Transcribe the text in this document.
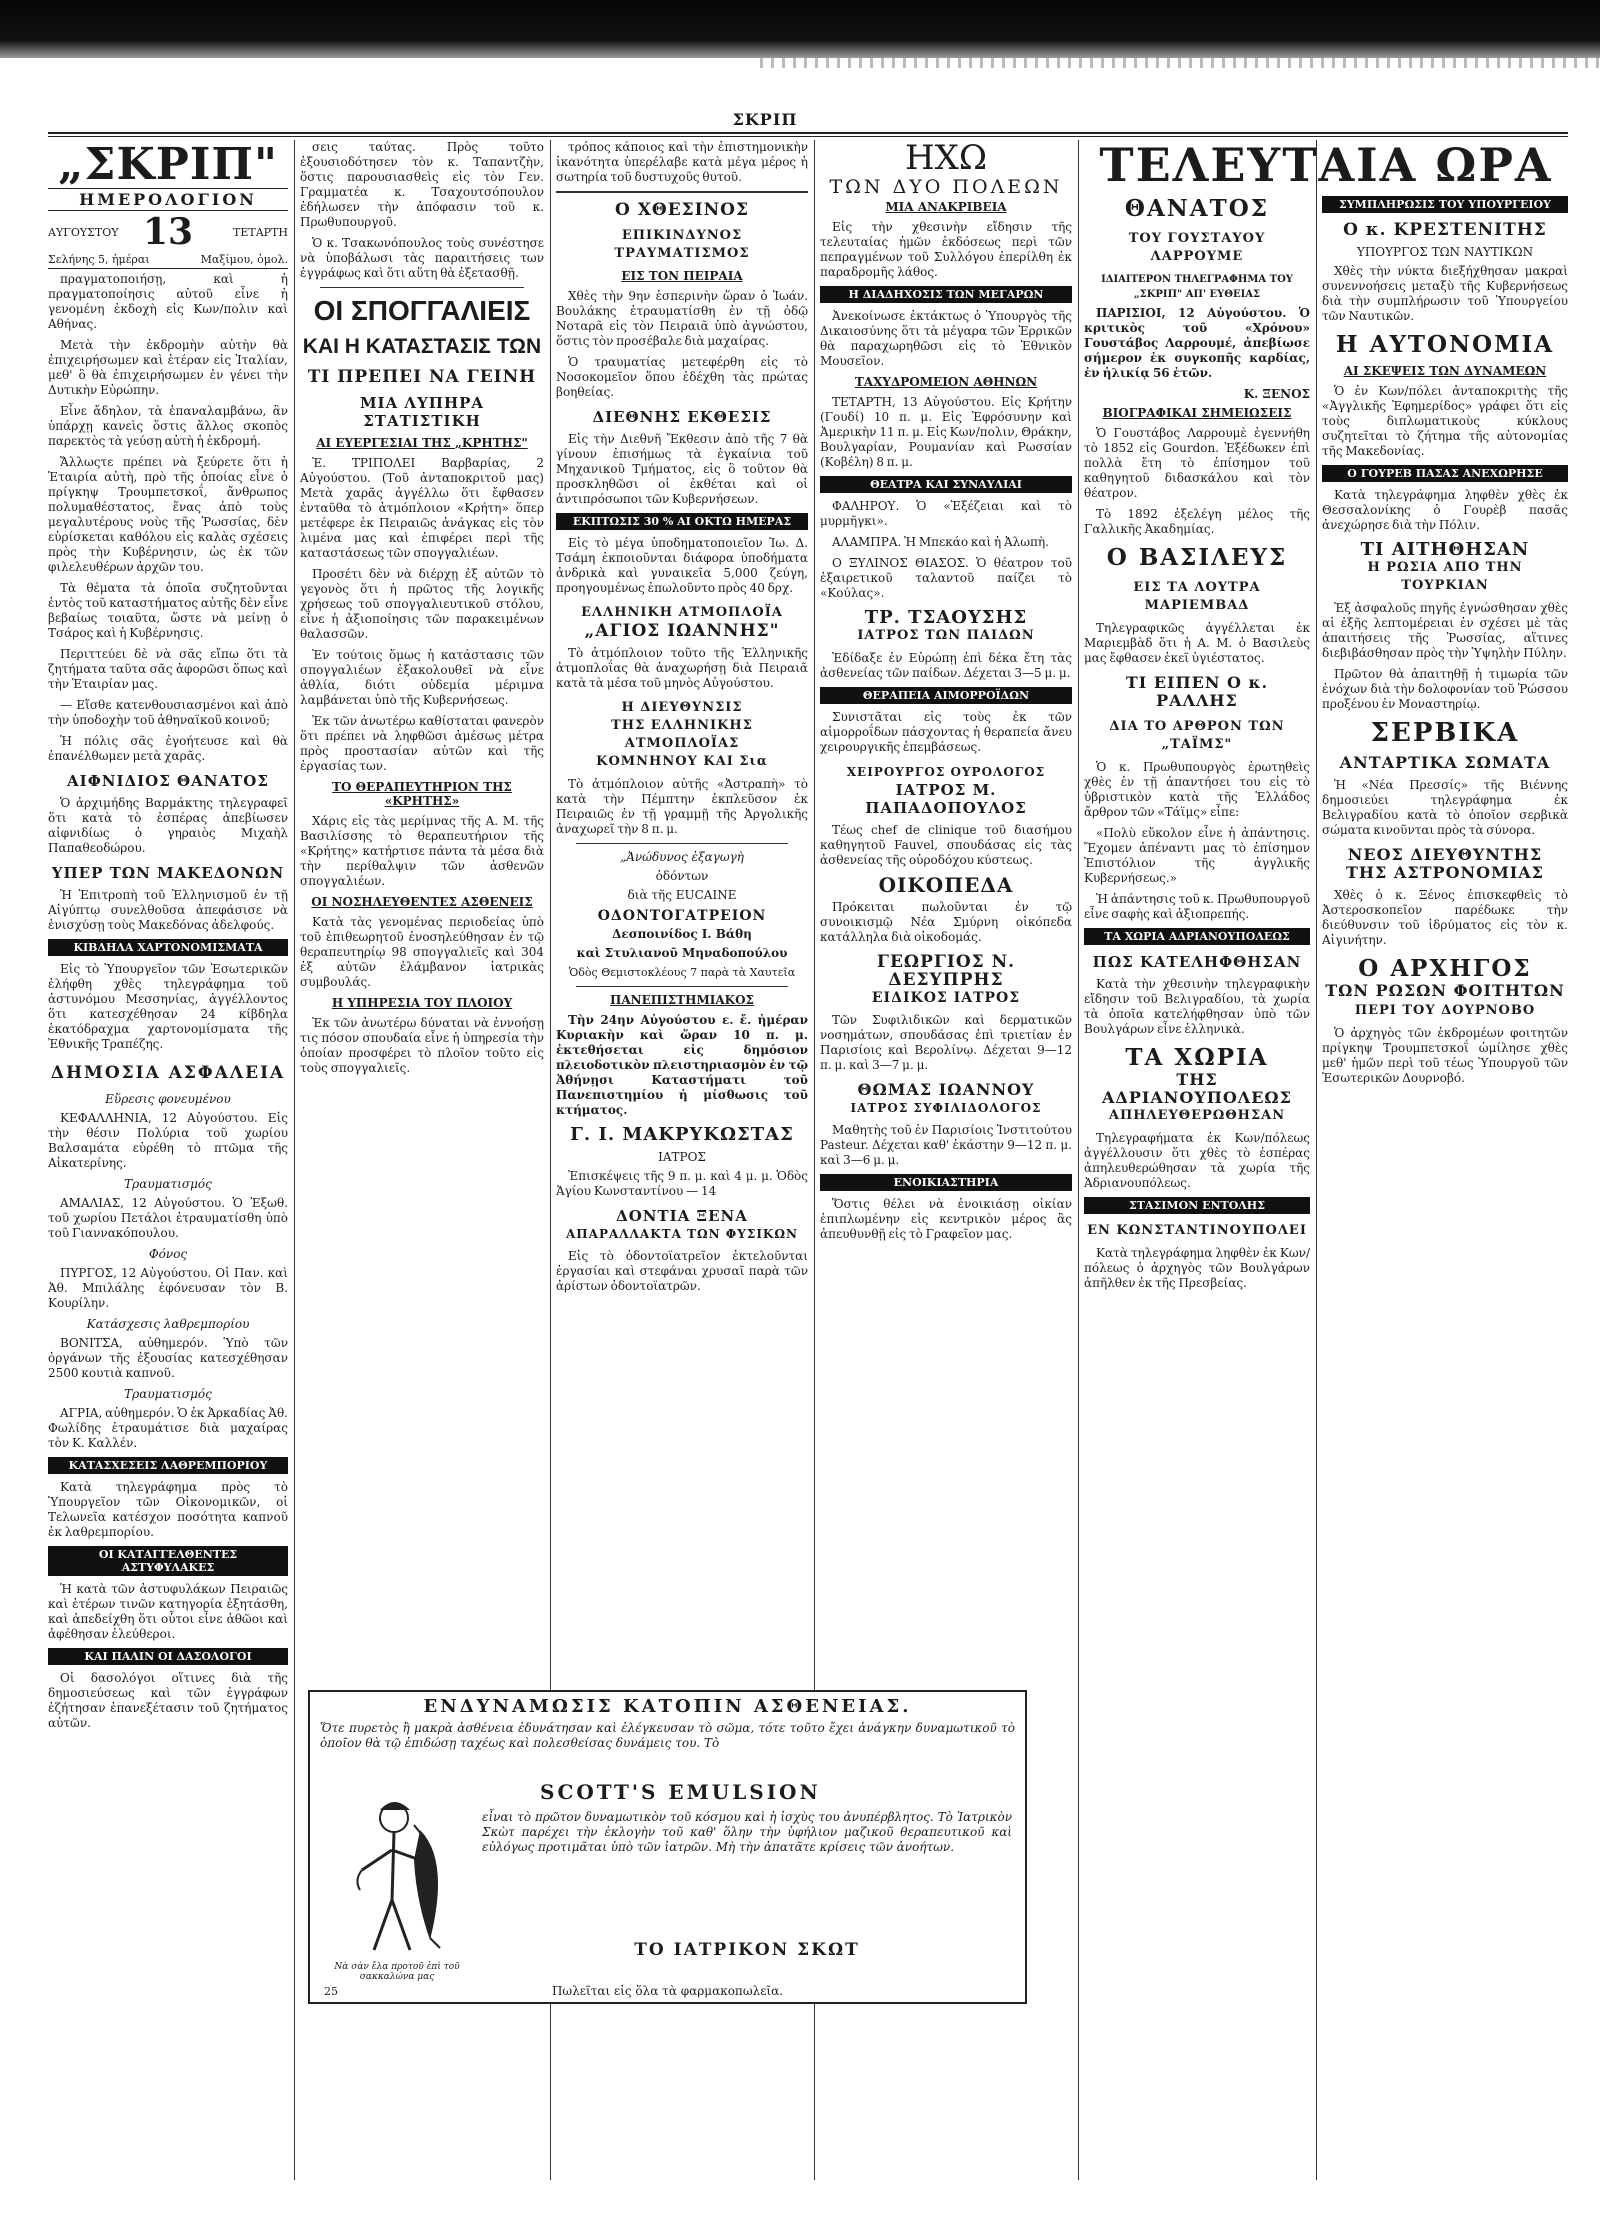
ΣΚΡΙΠ
„ΣΚΡΙΠ"
ΗΜΕΡΟΛΟΓΙΟΝ
ΑΥΓΟΥΣΤΟΥ 13	ΤΕΤΑΡΤΗ
Σελήνης 5, ἡμέραι	Μαξίμου, ὁμολ.

πραγματοποιήσῃ, καὶ ἡ πραγματοποίησις αὐτοῦ εἶνε ἡ γενομένη ἐκδοχὴ εἰς Κων/πολιν καὶ Αθήνας.

Μετὰ τὴν ἐκδρομὴν αὐτὴν θὰ ἐπιχειρήσωμεν καὶ ἑτέραν εἰς Ἰταλίαν, μεθ' ὃ θὰ ἐπιχειρήσωμεν ἐν γένει τὴν Δυτικὴν Εὐρώπην.

Εἶνε ἄδηλον, τὰ ἐπαναλαμβάνω, ἂν ὑπάρχῃ κανεὶς ὅστις ἄλλος σκοπὸς παρεκτὸς τὰ γεύσῃ αὐτὴ ἡ ἐκδρομή.

Ἄλλωςτε πρέπει νὰ ξεύρετε ὅτι ἡ Ἑταιρία αὐτὴ, πρὸ τῆς ὁποίας εἶνε ὁ πρίγκηψ Τρουμπετσκοΐ, ἄνθρωπος πολυμαθέστατος, ἕνας ἀπὸ τοὺς μεγαλυτέρους νοὺς τῆς Ῥωσσίας, δὲν εὑρίσκεται καθόλου εἰς καλὰς σχέσεις πρὸς τὴν Κυβέρνησιν, ὡς ἐκ τῶν φιλελευθέρων ἀρχῶν του.

Τὰ θέματα τὰ ὁποῖα συζητοῦνται ἐντὸς τοῦ καταστήματος αὐτῆς δὲν εἶνε βεβαίως τοιαῦτα, ὥστε νὰ μείνῃ ὁ Τσάρος καὶ ἡ Κυβέρνησις.

Περιττεύει δὲ νὰ σᾶς εἴπω ὅτι τὰ ζητήματα ταῦτα σᾶς ἀφορῶσι ὅπως καὶ τὴν Ἑταιρίαν μας.

— Εἴσθε κατενθουσιασμένοι καὶ ἀπὸ τὴν ὑποδοχὴν τοῦ ἀθηναϊκοῦ κοινοῦ;

Ἡ πόλις σᾶς ἐγοήτευσε καὶ θὰ ἐπανέλθωμεν μετὰ χαρᾶς.

ΑΙΦΝΙΔΙΟΣ ΘΑΝΑΤΟΣ

Ὁ ἀρχιμήδης Βαρμάκτης τηλεγραφεῖ ὅτι κατὰ τὸ ἐσπέρας ἀπεβίωσεν αἰφνιδίως ὁ γηραιὸς Μιχαὴλ Παπαθεοδώρου.

ΥΠΕΡ ΤΩΝ ΜΑΚΕΔΟΝΩΝ

Ἡ Ἐπιτροπὴ τοῦ Ἑλληνισμοῦ ἐν τῇ Αἰγύπτῳ συνελθοῦσα ἀπεφάσισε νὰ ἐνισχύσῃ τοὺς Μακεδόνας ἀδελφούς.

ΚΙΒΔΗΛΑ ΧΑΡΤΟΝΟΜΙΣΜΑΤΑ

Εἰς τὸ Ὑπουργεῖον τῶν Ἐσωτερικῶν ἐλήφθη χθὲς τηλεγράφημα τοῦ ἀστυνόμου Μεσσηνίας, ἀγγέλλοντος ὅτι κατεσχέθησαν 24 κίβδηλα ἑκατόδραχμα χαρτονομίσματα τῆς Ἐθνικῆς Τραπέζης.

ΔΗΜΟΣΙΑ ΑΣΦΑΛΕΙΑ
Εὕρεσις φονευμένου

ΚΕΦΑΛΛΗΝΙΑ, 12 Αὐγούστου. Εἰς τὴν θέσιν Πολύρια τοῦ χωρίου Βαλσαμάτα εὑρέθη τὸ πτῶμα τῆς Αἰκατερίνης.

Τραυματισμός

ΑΜΑΛΙΑΣ, 12 Αὐγούστου. Ὁ Ἐξωθ. τοῦ χωρίου Πετάλοι ἐτραυματίσθη ὑπὸ τοῦ Γιαννακόπουλου.

Φόνος

ΠΥΡΓΟΣ, 12 Αὐγούστου. Οἱ Παν. καὶ Ἀθ. Μπιλάλης ἐφόνευσαν τὸν Β. Κουρίλην.

Κατάσχεσις λαθρεμπορίου

ΒΟΝΙΤΣΑ, αὐθημερόν. Ὑπὸ τῶν ὀργάνων τῆς ἐξουσίας κατεσχέθησαν 2500 κουτιὰ καπνοῦ.

Τραυματισμός

ΑΓΡΙΑ, αὐθημερόν. Ὁ ἐκ Ἀρκαδίας Ἀθ. Φωλίδης ἐτραυμάτισε διὰ μαχαίρας τὸν Κ. Καλλέν.

ΚΑΤΑΣΧΕΣΕΙΣ ΛΑΘΡΕΜΠΟΡΙΟΥ

Κατὰ τηλεγράφημα πρὸς τὸ Ὑπουργεῖον τῶν Οἰκονομικῶν, οἱ Τελωνεῖα κατέσχον ποσότητα καπνοῦ ἐκ λαθρεμπορίου.

ΟΙ ΚΑΤΑΓΓΕΛΘΕΝΤΕΣ ΑΣΤΥΦΥΛΑΚΕΣ

Ἡ κατὰ τῶν ἀστυφυλάκων Πειραιῶς καὶ ἑτέρων τινῶν κατηγορία ἐξητάσθη, καὶ ἀπεδείχθη ὅτι οὗτοι εἶνε ἀθῶοι καὶ ἀφέθησαν ἐλεύθεροι.

ΚΑΙ ΠΑΛΙΝ ΟΙ ΔΑΣΟΛΟΓΟΙ

Οἱ δασολόγοι οἵτινες διὰ τῆς δημοσιεύσεως καὶ τῶν ἐγγράφων ἐζήτησαν ἐπανεξέτασιν τοῦ ζητήματος αὐτῶν.

σεις ταύτας. Πρὸς τοῦτο ἐξουσιοδότησεν τὸν κ. Ταπαντζὴν, ὅστις παρουσιασθεὶς εἰς τὸν Γεν. Γραμματέα κ. Τσαχουτσόπουλον ἐδήλωσεν τὴν ἀπόφασιν τοῦ κ. Πρωθυπουργοῦ.

Ὁ κ. Τσακωνόπουλος τοὺς συνέστησε νὰ ὑποβάλωσι τὰς παραιτήσεις των ἐγγράφως καὶ ὅτι αὕτη θὰ ἐξετασθῇ.

ΟΙ ΣΠΟΓΓΑΛΙΕΙΣ
ΚΑΙ Η ΚΑΤΑΣΤΑΣΙΣ ΤΩΝ
ΤΙ ΠΡΕΠΕΙ ΝΑ ΓΕΙΝΗ
ΜΙΑ ΛΥΠΗΡΑ ΣΤΑΤΙΣΤΙΚΗ
ΑΙ ΕΥΕΡΓΕΣΙΑΙ ΤΗΣ „ΚΡΗΤΗΣ"

Ἐ. ΤΡΙΠΟΛΕΙ Βαρβαρίας, 2 Αὐγούστου. (Τοῦ ἀνταποκριτοῦ μας) Μετὰ χαρᾶς ἀγγέλλω ὅτι ἔφθασεν ἐνταῦθα τὸ ἀτμόπλοιον «Κρήτη» ὅπερ μετέφερε ἐκ Πειραιῶς ἀνάγκας εἰς τὸν λιμένα μας καὶ ἐπιφέρει περὶ τῆς καταστάσεως τῶν σπογγαλιέων.

Προσέτι δὲν νὰ διέρχῃ ἐξ αὐτῶν τὸ γεγονὸς ὅτι ἡ πρῶτος τῆς λογικῆς χρήσεως τοῦ σπογγαλιευτικοῦ στόλου, εἶνε ἡ ἀξιοποίησις τῶν παρακειμένων θαλασσῶν.

Ἐν τούτοις ὅμως ἡ κατάστασις τῶν σπογγαλιέων ἐξακολουθεῖ νὰ εἶνε ἀθλία, διότι οὐδεμία μέριμνα λαμβάνεται ὑπὸ τῆς Κυβερνήσεως.

Ἐκ τῶν ἀνωτέρω καθίσταται φανερὸν ὅτι πρέπει νὰ ληφθῶσι ἀμέσως μέτρα πρὸς προστασίαν αὐτῶν καὶ τῆς ἐργασίας των.

ΤΟ ΘΕΡΑΠΕΥΤΗΡΙΟΝ ΤΗΣ «ΚΡΗΤΗΣ»

Χάρις εἰς τὰς μερίμνας τῆς Α. Μ. τῆς Βασιλίσσης τὸ θεραπευτήριον τῆς «Κρήτης» κατήρτισε πάντα τὰ μέσα διὰ τὴν περίθαλψιν τῶν ἀσθενῶν σπογγαλιέων.

ΟΙ ΝΟΣΗΛΕΥΘΕΝΤΕΣ ΑΣΘΕΝΕΙΣ

Κατὰ τὰς γενομένας περιοδείας ὑπὸ τοῦ ἐπιθεωρητοῦ ἐνοσηλεύθησαν ἐν τῷ θεραπευτηρίῳ 98 σπογγαλιεῖς καὶ 304 ἐξ αὐτῶν ἐλάμβανον ἰατρικὰς συμβουλάς.

Η ΥΠΗΡΕΣΙΑ ΤΟΥ ΠΛΟΙΟΥ

Ἐκ τῶν ἀνωτέρω δύναται νὰ ἐννοήσῃ τις πόσον σπουδαία εἶνε ἡ ὑπηρεσία τὴν ὁποίαν προσφέρει τὸ πλοῖον τοῦτο εἰς τοὺς σπογγαλιεῖς.

τρόπος κάποιος καὶ τὴν ἐπιστημονικὴν ἱκανότητα ὑπερέλαβε κατὰ μέγα μέρος ἡ σωτηρία τοῦ δυστυχοῦς θυτοῦ.

Ο ΧΘΕΣΙΝΟΣ
ΕΠΙΚΙΝΔΥΝΟΣ ΤΡΑΥΜΑΤΙΣΜΟΣ
ΕΙΣ ΤΟΝ ΠΕΙΡΑΙΑ

Χθὲς τὴν 9ην ἑσπερινὴν ὥραν ὁ Ἰωάν. Βουλάκης ἐτραυματίσθη ἐν τῇ ὁδῷ Νοταρᾶ εἰς τὸν Πειραιᾶ ὑπὸ ἀγνώστου, ὅστις τὸν προσέβαλε διὰ μαχαίρας.

Ὁ τραυματίας μετεφέρθη εἰς τὸ Νοσοκομεῖον ὅπου ἐδέχθη τὰς πρώτας βοηθείας.

ΔΙΕΘΝΗΣ ΕΚΘΕΣΙΣ

Εἰς τὴν Διεθνῆ Ἔκθεσιν ἀπὸ τῆς 7 θὰ γίνουν ἐπισήμως τὰ ἐγκαίνια τοῦ Μηχανικοῦ Τμήματος, εἰς ὃ τοῦτον θὰ προσκληθῶσι οἱ ἐκθέται καὶ οἱ ἀντιπρόσωποι τῶν Κυβερνήσεων.

ΕΚΠΤΩΣΙΣ 30 % ΑΙ ΟΚΤΩ ΗΜΕΡΑΣ

Εἰς τὸ μέγα ὑποδηματοποιεῖον Ἰω. Δ. Τσάμη ἐκποιοῦνται διάφορα ὑποδήματα ἀνδρικὰ καὶ γυναικεῖα 5,000 ζεύγη, προηγουμένως ἐπωλοῦντο πρὸς 40 δρχ.

ΕΛΛΗΝΙΚΗ ΑΤΜΟΠΛΟΪΑ
„ΑΓΙΟΣ ΙΩΑΝΝΗΣ"

Τὸ ἀτμόπλοιον τοῦτο τῆς Ἑλληνικῆς ἀτμοπλοΐας θὰ ἀναχωρήσῃ διὰ Πειραιᾶ κατὰ τὰ μέσα τοῦ μηνὸς Αὐγούστου.

Η ΔΙΕΥΘΥΝΣΙΣ
ΤΗΣ ΕΛΛΗΝΙΚΗΣ ΑΤΜΟΠΛΟΪΑΣ
ΚΟΜΝΗΝΟΥ ΚΑΙ Σια

Τὸ ἀτμόπλοιον αὐτῆς «Ἀστραπὴ» τὸ κατὰ τὴν Πέμπτην ἐκπλεῦσον ἐκ Πειραιῶς ἐν τῇ γραμμῇ τῆς Ἀργολικῆς ἀναχωρεῖ τὴν 8 π. μ.

„Ἀνώδυνος ἐξαγωγὴ
ὀδόντων
διὰ τῆς EUCAINE
ΟΔΟΝΤΟΓΑΤΡΕΙΟΝ
Δεσποινίδος Ι. Βάθη
καὶ Στυλιανοῦ Μηναδοπούλου
Ὁδὸς Θεμιστοκλέους 7 παρὰ τὰ Χαυτεῖα
ΠΑΝΕΠΙΣΤΗΜΙΑΚΟΣ

Τὴν 24ην Αὐγούστου ε. ἔ. ἡμέραν Κυριακὴν καὶ ὥραν 10 π. μ. ἐκτεθήσεται εἰς δημόσιον πλειοδοτικὸν πλειστηριασμὸν ἐν τῷ Ἀθήνῃσι Καταστήματι τοῦ Πανεπιστημίου ἡ μίσθωσις τοῦ κτήματος.

Γ. Ι. ΜΑΚΡΥΚΩΣΤΑΣ
ΙΑΤΡΟΣ

Ἐπισκέψεις τῆς 9 π. μ. καὶ 4 μ. μ. Ὁδὸς Ἁγίου Κωνσταντίνου — 14

ΔΟΝΤΙΑ ΞΕΝΑ
ΑΠΑΡΑΛΛΑΚΤΑ ΤΩΝ ΦΥΣΙΚΩΝ

Εἰς τὸ ὀδοντοϊατρεῖον ἐκτελοῦνται ἐργασίαι καὶ στεφάναι χρυσαῖ παρὰ τῶν ἀρίστων ὀδοντοϊατρῶν.

ΗΧΩ
ΤΩΝ ΔΥΟ ΠΟΛΕΩΝ
ΜΙΑ ΑΝΑΚΡΙΒΕΙΑ

Εἰς τὴν χθεσινὴν εἴδησιν τῆς τελευταίας ἡμῶν ἐκδόσεως περὶ τῶν πεπραγμένων τοῦ Συλλόγου ἐπερίλθη ἐκ παραδρομῆς λάθος.

Η ΔΙΑΔΗΧΟΣΙΣ ΤΩΝ ΜΕΓΑΡΩΝ

Ἀνεκοίνωσε ἐκτάκτως ὁ Ὑπουργὸς τῆς Δικαιοσύνης ὅτι τὰ μέγαρα τῶν Ἐρρικῶν θὰ παραχωρηθῶσι εἰς τὸ Ἐθνικὸν Μουσεῖον.

ΤΑΧΥΔΡΟΜΕΙΟΝ ΑΘΗΝΩΝ

ΤΕΤΑΡΤΗ, 13 Αὐγούστου. Εἰς Κρήτην (Γουδί) 10 π. μ. Εἰς Ἐφρόσυνην καὶ Ἀμερικὴν 11 π. μ. Εἰς Κων/πολιν, Θράκην, Βουλγαρίαν, Ρουμανίαν καὶ Ρωσσίαν (Κοβέλη) 8 π. μ.

ΘΕΑΤΡΑ ΚΑΙ ΣΥΝΑΥΛΙΑΙ

ΦΑΛΗΡΟΥ. Ὁ «Ἐξέζειαι καὶ τὸ μυρμῆγκι».

ΑΛΑΜΠΡΑ. Ἡ Μπεκάο καὶ ἡ Ἀλωπὴ.

Ο ΞΥΛΙΝΟΣ ΘΙΑΣΟΣ. Ὁ θέατρον τοῦ ἐξαιρετικοῦ ταλαντοῦ παίζει τὸ «Κούλας».

ΤΡ. ΤΣΑΟΥΣΗΣ
ΙΑΤΡΟΣ ΤΩΝ ΠΑΙΔΩΝ

Ἐδίδαξε ἐν Εὐρώπῃ ἐπὶ δέκα ἔτη τὰς ἀσθενείας τῶν παίδων. Δέχεται 3—5 μ. μ.

ΘΕΡΑΠΕΙΑ ΑΙΜΟΡΡΟΪΔΩΝ

Συνιστᾶται εἰς τοὺς ἐκ τῶν αἱμορροΐδων πάσχοντας ἡ θεραπεία ἄνευ χειρουργικῆς ἐπεμβάσεως.

ΧΕΙΡΟΥΡΓΟΣ ΟΥΡΟΛΟΓΟΣ
ΙΑΤΡΟΣ Μ. ΠΑΠΑΔΟΠΟΥΛΟΣ

Τέως chef de clinique τοῦ διασήμου καθηγητοῦ Fauvel, σπουδάσας εἰς τὰς ἀσθενείας τῆς οὐροδόχου κύστεως.

ΟΙΚΟΠΕΔΑ

Πρόκειται πωλοῦνται ἐν τῷ συνοικισμῷ Νέα Σμύρνη οἰκόπεδα κατάλληλα διὰ οἰκοδομάς.

ΓΕΩΡΓΙΟΣ Ν. ΔΕΣΥΠΡΗΣ
ΕΙΔΙΚΟΣ ΙΑΤΡΟΣ

Τῶν Συφιλιδικῶν καὶ δερματικῶν νοσημάτων, σπουδάσας ἐπὶ τριετίαν ἐν Παρισίοις καὶ Βερολίνῳ. Δέχεται 9—12 π. μ. καὶ 3—7 μ. μ.

ΘΩΜΑΣ ΙΩΑΝΝΟΥ
ΙΑΤΡΟΣ ΣΥΦΙΛΙΔΟΛΟΓΟΣ

Μαθητὴς τοῦ ἐν Παρισίοις Ἰνστιτούτου Pasteur. Δέχεται καθ' ἑκάστην 9—12 π. μ. καὶ 3—6 μ. μ.

ΕΝΟΙΚΙΑΣΤΗΡΙΑ

Ὅστις θέλει νὰ ἐνοικιάσῃ οἰκίαν ἐπιπλωμένην εἰς κεντρικὸν μέρος ἂς ἀπευθυνθῇ εἰς τὸ Γραφεῖον μας.

ΤΕΛΕΥΤΑΙΑ ΩΡΑ
ΘΑΝΑΤΟΣ
ΤΟΥ ΓΟΥΣΤΑΥΟΥ ΛΑΡΡΟΥΜΕ
ΙΔΙΑΙΤΕΡΟΝ ΤΗΛΕΓΡΑΦΗΜΑ ΤΟΥ „ΣΚΡΙΠ" ΑΠ' ΕΥΘΕΙΑΣ

ΠΑΡΙΣΙΟΙ, 12 Αὐγούστου. Ὁ κριτικὸς τοῦ «Χρόνου» Γουστάβος Λαρρουμέ, ἀπεβίωσε σήμερον ἐκ συγκοπῆς καρδίας, ἐν ἡλικίᾳ 56 ἐτῶν.

Κ. ΞΕΝΟΣ
ΒΙΟΓΡΑΦΙΚΑΙ ΣΗΜΕΙΩΣΕΙΣ

Ὁ Γουστάβος Λαρρουμὲ ἐγεννήθη τὸ 1852 εἰς Gourdon. Ἐξέδωκεν ἐπὶ πολλὰ ἔτη τὸ ἐπίσημον τοῦ καθηγητοῦ διδασκάλου καὶ τὸν θέατρον.

Τὸ 1892 ἐξελέγη μέλος τῆς Γαλλικῆς Ἀκαδημίας.

Ο ΒΑΣΙΛΕΥΣ
ΕΙΣ ΤΑ ΛΟΥΤΡΑ ΜΑΡΙΕΜΒΑΔ

Τηλεγραφικῶς ἀγγέλλεται ἐκ Μαριεμβὰδ ὅτι ἡ Α. Μ. ὁ Βασιλεὺς μας ἔφθασεν ἐκεῖ ὑγιέστατος.

ΤΙ ΕΙΠΕΝ Ο κ. ΡΑΛΛΗΣ
ΔΙΑ ΤΟ ΑΡΘΡΟΝ ΤΩΝ „ΤΑΪΜΣ"

Ὁ κ. Πρωθυπουργὸς ἐρωτηθεὶς χθὲς ἐν τῇ ἀπαντήσει του εἰς τὸ ὑβριστικὸν κατὰ τῆς Ἑλλάδος ἄρθρον τῶν «Τάϊμς» εἶπε:

«Πολὺ εὔκολον εἶνε ἡ ἀπάντησις. Ἔχομεν ἀπέναντι μας τὸ ἐπίσημον Ἐπιστόλιον τῆς ἀγγλικῆς Κυβερνήσεως.»

Ἡ ἀπάντησις τοῦ κ. Πρωθυπουργοῦ εἶνε σαφὴς καὶ ἀξιοπρεπής.

ΤΑ ΧΩΡΙΑ ΑΔΡΙΑΝΟΥΠΟΛΕΩΣ
ΠΩΣ ΚΑΤΕΛΗΦΘΗΣΑΝ

Κατὰ τὴν χθεσινὴν τηλεγραφικὴν εἴδησιν τοῦ Βελιγραδίου, τὰ χωρία τὰ ὁποῖα κατελήφθησαν ὑπὸ τῶν Βουλγάρων εἶνε ἑλληνικὰ.

ΤΑ ΧΩΡΙΑ
ΤΗΣ ΑΔΡΙΑΝΟΥΠΟΛΕΩΣ
ΑΠΗΛΕΥΘΕΡΩΘΗΣΑΝ

Τηλεγραφήματα ἐκ Κων/πόλεως ἀγγέλλουσιν ὅτι χθὲς τὸ ἑσπέρας ἀπηλευθερώθησαν τὰ χωρία τῆς Ἀδριανουπόλεως.

ΣΤΑΣΙΜΟΝ ΕΝΤΟΛΗΣ
ΕΝ ΚΩΝΣΤΑΝΤΙΝΟΥΠΟΛΕΙ

Κατὰ τηλεγράφημα ληφθὲν ἐκ Κων/πόλεως ὁ ἀρχηγὸς τῶν Βουλγάρων ἀπῆλθεν ἐκ τῆς Πρεσβείας.

ΣΥΜΠΛΗΡΩΣΙΣ ΤΟΥ ΥΠΟΥΡΓΕΙΟΥ
Ο κ. ΚΡΕΣΤΕΝΙΤΗΣ
ΥΠΟΥΡΓΟΣ ΤΩΝ ΝΑΥΤΙΚΩΝ

Χθὲς τὴν νύκτα διεξήχθησαν μακραὶ συνεννοήσεις μεταξὺ τῆς Κυβερνήσεως διὰ τὴν συμπλήρωσιν τοῦ Ὑπουργείου τῶν Ναυτικῶν.

Η ΑΥΤΟΝΟΜΙΑ
ΑΙ ΣΚΕΨΕΙΣ ΤΩΝ ΔΥΝΑΜΕΩΝ

Ὁ ἐν Κων/πόλει ἀνταποκριτὴς τῆς «Ἀγγλικῆς Ἐφημερίδος» γράφει ὅτι εἰς τοὺς διπλωματικοὺς κύκλους συζητεῖται τὸ ζήτημα τῆς αὐτονομίας τῆς Μακεδονίας.

Ο ΓΟΥΡΕΒ ΠΑΣΑΣ ΑΝΕΧΩΡΗΣΕ

Κατὰ τηλεγράφημα ληφθὲν χθὲς ἐκ Θεσσαλονίκης ὁ Γουρὲβ πασᾶς ἀνεχώρησε διὰ τὴν Πόλιν.

ΤΙ ΑΙΤΗΘΗΣΑΝ
Η ΡΩΣΙΑ ΑΠΟ ΤΗΝ ΤΟΥΡΚΙΑΝ

Ἐξ ἀσφαλοῦς πηγῆς ἐγνώσθησαν χθὲς αἱ ἐξῆς λεπτομέρειαι ἐν σχέσει μὲ τὰς ἀπαιτήσεις τῆς Ῥωσσίας, αἵτινες διεβιβάσθησαν πρὸς τὴν Ὑψηλὴν Πύλην.

Πρῶτον θὰ ἀπαιτηθῇ ἡ τιμωρία τῶν ἐνόχων διὰ τὴν δολοφονίαν τοῦ Ῥώσσου προξένου ἐν Μοναστηρίῳ.

ΣΕΡΒΙΚΑ
ΑΝΤΑΡΤΙΚΑ ΣΩΜΑΤΑ

Ἡ «Νέα Πρεσσίς» τῆς Βιέννης δημοσιεύει τηλεγράφημα ἐκ Βελιγραδίου κατὰ τὸ ὁποῖον σερβικὰ σώματα κινοῦνται πρὸς τὰ σύνορα.

ΝΕΟΣ ΔΙΕΥΘΥΝΤΗΣ
ΤΗΣ ΑΣΤΡΟΝΟΜΙΑΣ

Χθὲς ὁ κ. Ξένος ἐπισκεφθεὶς τὸ Ἀστεροσκοπεῖον παρέδωκε τὴν διεύθυνσιν τοῦ ἱδρύματος εἰς τὸν κ. Αἰγινήτην.

Ο ΑΡΧΗΓΟΣ
ΤΩΝ ΡΩΣΩΝ ΦΟΙΤΗΤΩΝ
ΠΕΡΙ ΤΟΥ ΔΟΥΡΝΟΒΟ

Ὁ ἀρχηγὸς τῶν ἐκδρομέων φοιτητῶν πρίγκηψ Τρουμπετσκοΐ ὡμίλησε χθὲς μεθ' ἡμῶν περὶ τοῦ τέως Ὑπουργοῦ τῶν Ἐσωτερικῶν Δουρνοβό.

ΕΝΔΥΝΑΜΩΣΙΣ ΚΑΤΟΠΙΝ ΑΣΘΕΝΕΙΑΣ.
Ὅτε πυρετὸς ἢ μακρὰ ἀσθένεια ἐδυνάτησαν καὶ ἐλέγκευσαν τὸ σῶμα, τότε τοῦτο ἔχει ἀνάγκην δυναμωτικοῦ τὸ ὁποῖον θὰ τῷ ἐπιδώσῃ ταχέως καὶ πολεσθείσας δυνάμεις του. Τὸ
Νὰ σὰν ἔλα προτοῦ ἐπὶ τοῦ σακκαλώνα μας
SCOTT'S EMULSION
εἶναι τὸ πρῶτον δυναμωτικὸν τοῦ κόσμου καὶ ἡ ἰσχὺς του ἀνυπέρβλητος. Τὸ Ἰατρικὸν Σκὼτ παρέχει τὴν ἐκλογὴν τοῦ καθ' ὅλην τὴν ὑφήλιον μαζικοῦ θεραπευτικοῦ καὶ εὐλόγως προτιμᾶται ὑπὸ τῶν ἰατρῶν. Μὴ τὴν ἀπατᾶτε κρίσεις τῶν ἀνοήτων.
ΤΟ ΙΑΤΡΙΚΟΝ ΣΚΩΤ
Πωλεῖται εἰς ὅλα τὰ φαρμακοπωλεῖα.
25
